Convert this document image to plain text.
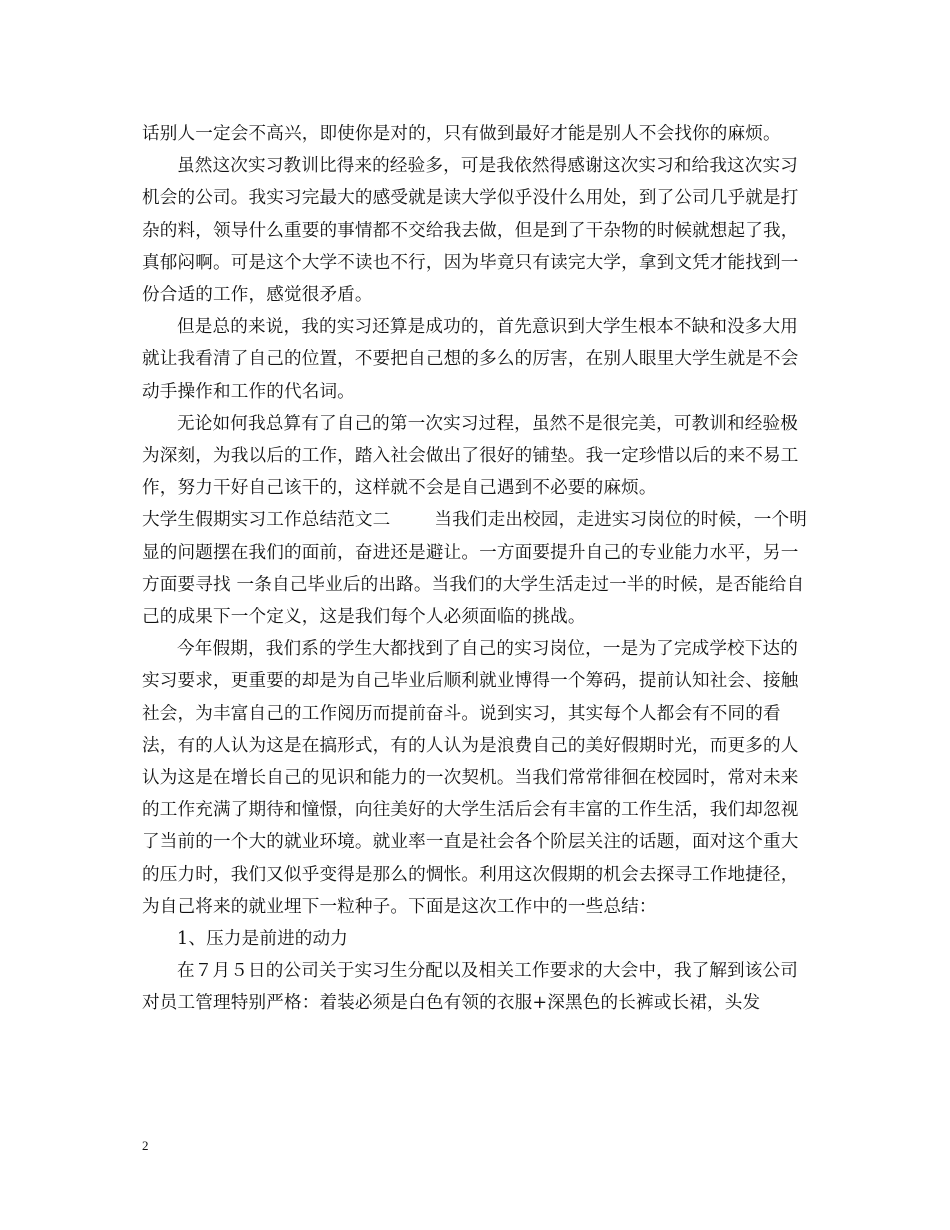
话别人一定会不高兴，即使你是对的，只有做到最好才能是别人不会找你的麻烦。

虽然这次实习教训比得来的经验多，可是我依然得感谢这次实习和给我这次实习机会的公司。我实习完最大的感受就是读大学似乎没什么用处，到了公司几乎就是打杂的料，领导什么重要的事情都不交给我去做，但是到了干杂物的时候就想起了我，真郁闷啊。可是这个大学不读也不行，因为毕竟只有读完大学，拿到文凭才能找到一份合适的工作，感觉很矛盾。

但是总的来说，我的实习还算是成功的，首先意识到大学生根本不缺和没多大用就让我看清了自己的位置，不要把自己想的多么的厉害，在别人眼里大学生就是不会动手操作和工作的代名词。

无论如何我总算有了自己的第一次实习过程，虽然不是很完美，可教训和经验极为深刻，为我以后的工作，踏入社会做出了很好的铺垫。我一定珍惜以后的来不易工作，努力干好自己该干的，这样就不会是自己遇到不必要的麻烦。

大学生假期实习工作总结范文二	当我们走出校园，走进实习岗位的时候，一个明显的问题摆在我们的面前，奋进还是避让。一方面要提升自己的专业能力水平，另一方面要寻找 一条自己毕业后的出路。当我们的大学生活走过一半的时候，是否能给自己的成果下一个定义，这是我们每个人必须面临的挑战。

今年假期，我们系的学生大都找到了自己的实习岗位，一是为了完成学校下达的实习要求，更重要的却是为自己毕业后顺利就业博得一个筹码，提前认知社会、接触社会，为丰富自己的工作阅历而提前奋斗。说到实习，其实每个人都会有不同的看法，有的人认为这是在搞形式，有的人认为是浪费自己的美好假期时光，而更多的人认为这是在增长自己的见识和能力的一次契机。当我们常常徘徊在校园时，常对未来的工作充满了期待和憧憬，向往美好的大学生活后会有丰富的工作生活，我们却忽视了当前的一个大的就业环境。就业率一直是社会各个阶层关注的话题，面对这个重大的压力时，我们又似乎变得是那么的惆怅。利用这次假期的机会去探寻工作地捷径，为自己将来的就业埋下一粒种子。下面是这次工作中的一些总结：

1、压力是前进的动力

在７月５日的公司关于实习生分配以及相关工作要求的大会中，我了解到该公司对员工管理特别严格：着装必须是白色有领的衣服+深黑色的长裤或长裙，头发

2
